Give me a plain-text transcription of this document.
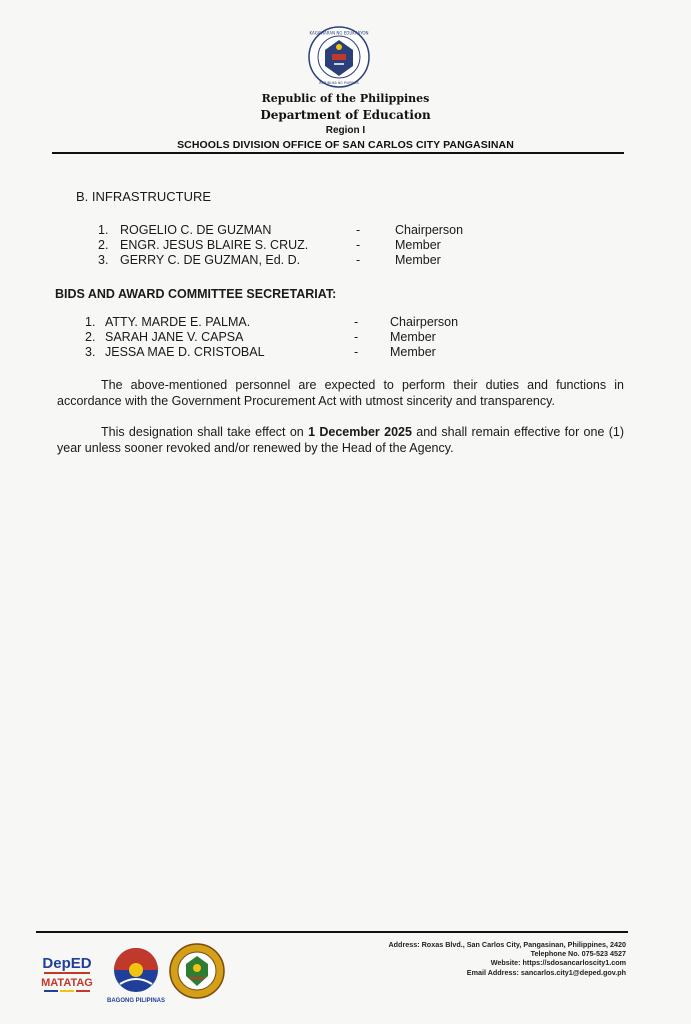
KAGAWARAN NG EDUKASYON
REPUBLIKA NG PILIPINAS
Republic of the Philippines
Department of Education
Region I
SCHOOLS DIVISION OFFICE OF SAN CARLOS CITY PANGASINAN
B. INFRASTRUCTURE
1. ROGELIO C. DE GUZMAN	-	Chairperson
2. ENGR. JESUS BLAIRE S. CRUZ.	-	Member
3. GERRY C. DE GUZMAN, Ed. D.	-	Member
BIDS AND AWARD COMMITTEE SECRETARIAT:
1. ATTY. MARDE E. PALMA.	-	Chairperson
2. SARAH JANE V. CAPSA	-	Member
3. JESSA MAE D. CRISTOBAL	-	Member
The above-mentioned personnel are expected to perform their duties and functions in accordance with the Government Procurement Act with utmost sincerity and transparency.
This designation shall take effect on 1 December 2025 and shall remain effective for one (1) year unless sooner revoked and/or renewed by the Head of the Agency.
DepED
MATATAG
BAGONG PILIPINAS
Address: Roxas Blvd., San Carlos City, Pangasinan, Philippines, 2420
Telephone No. 075-523 4527
Website: https://sdosancarloscity1.com
Email Address: sancarlos.city1@deped.gov.ph
